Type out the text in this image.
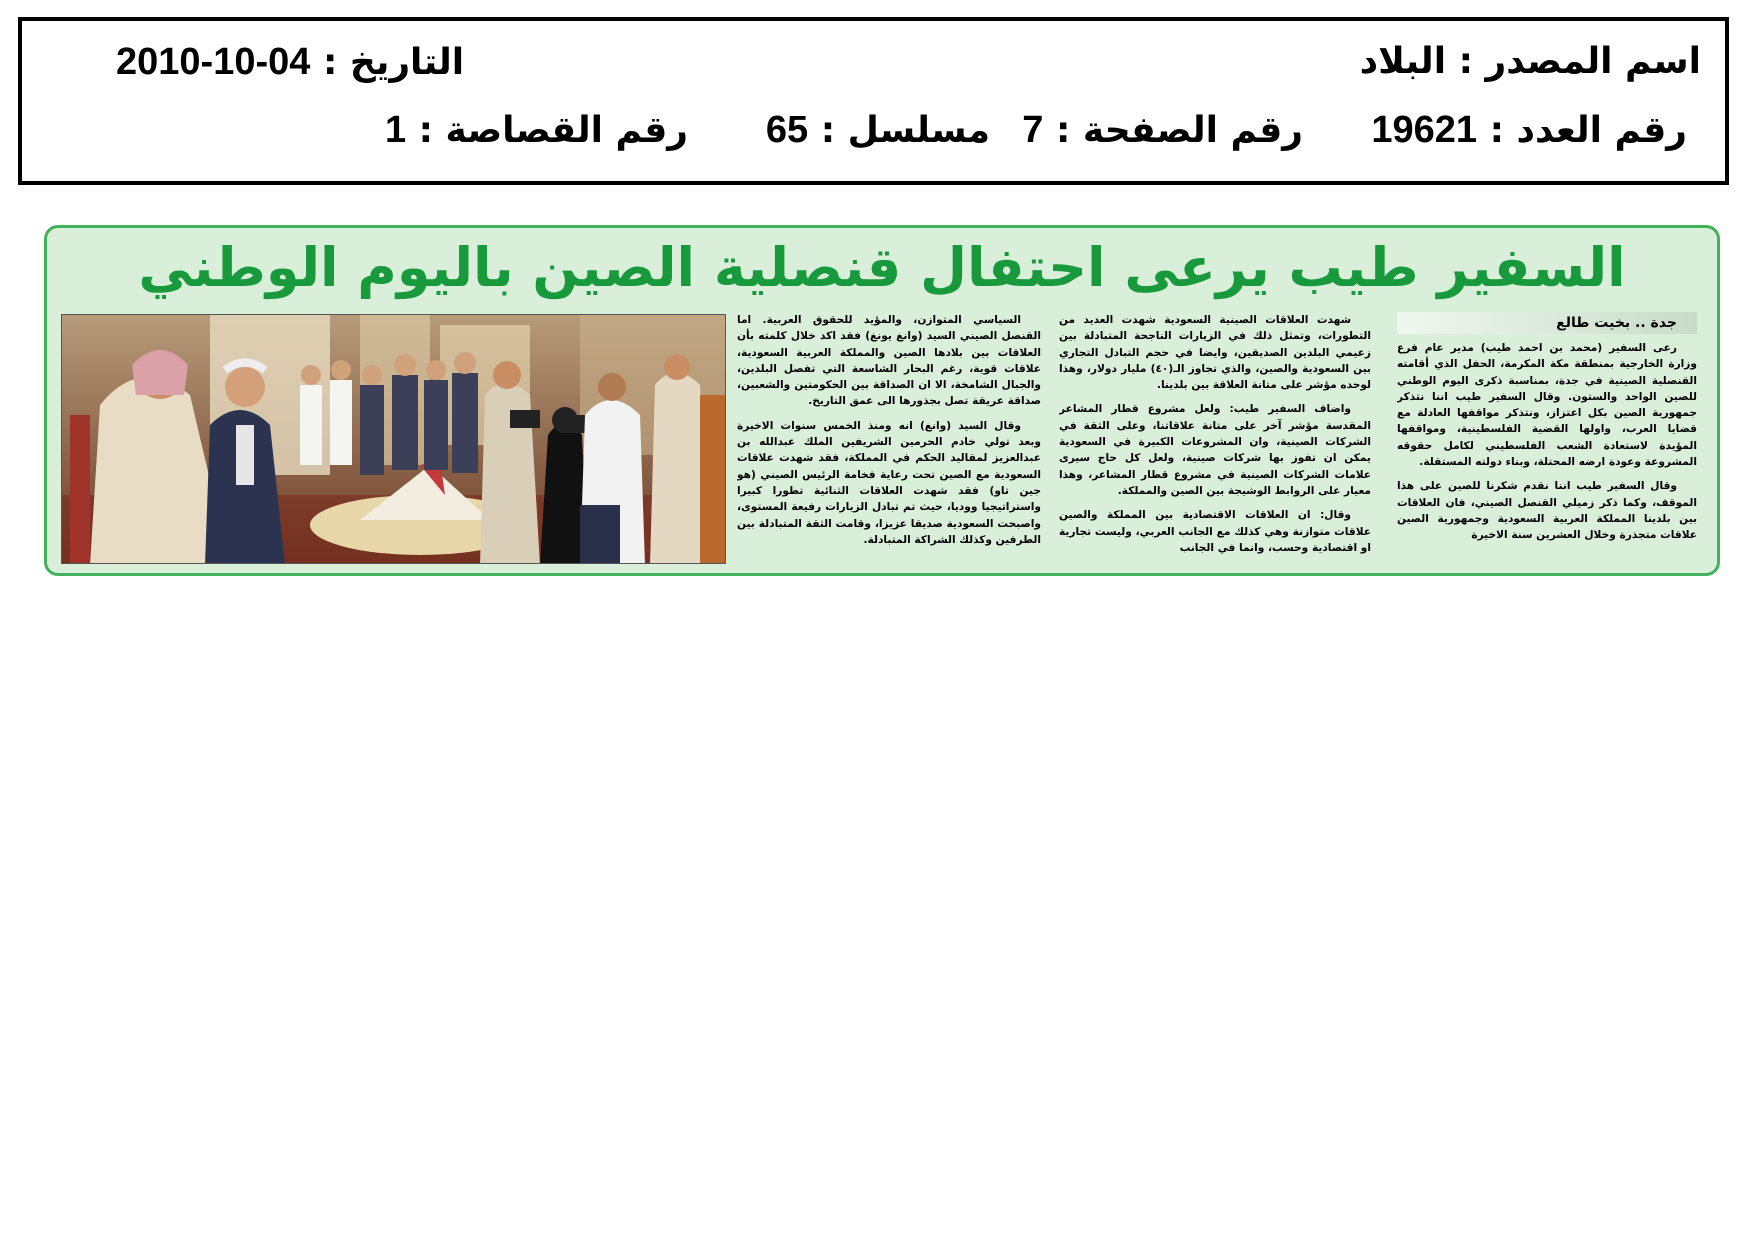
اسم المصدر : البلاد
2010-10-04 التاريخ :
رقم العدد : 19621
رقم الصفحة : 7
مسلسل : 65
رقم القصاصة : 1
السفير طيب يرعى احتفال قنصلية الصين باليوم الوطني
جدة .. بخيت طالع

رعى السفير (محمد بن احمد طيب) مدير عام فرع وزارة الخارجية بمنطقة مكة المكرمة، الحفل الذي أقامته القنصلية الصينية في جدة، بمناسبة ذكرى اليوم الوطني للصين الواحد والستون. وقال السفير طيب اننا نتذكر جمهورية الصين بكل اعتزاز، ونتذكر مواقفها العادلة مع قضايا العرب، واولها القضية الفلسطينية، ومواقفها المؤيدة لاستعادة الشعب الفلسطيني لكامل حقوقه المشروعة وعودة ارضه المحتلة، وبناء دولته المستقلة.

وقال السفير طيب اننا نقدم شكرنا للصين على هذا الموقف، وكما ذكر زميلي القنصل الصيني، فان العلاقات بين بلدينا المملكة العربية السعودية وجمهورية الصين علاقات متجذرة وخلال العشرين سنة الاخيرة

شهدت العلاقات الصينية السعودية شهدت العديد من التطورات، وتمثل ذلك في الزيارات الناجحة المتبادلة بين زعيمي البلدين الصديقين، وايضا في حجم التبادل التجاري بين السعودية والصين، والذي تجاوز الـ(٤٠) مليار دولار، وهذا لوحده مؤشر على متانة العلاقة بين بلدينا.

واضاف السفير طيب: ولعل مشروع قطار المشاعر المقدسة مؤشر آخر على متانة علاقاتنا، وعلى الثقة في الشركات الصينية، وان المشروعات الكبيرة في السعودية يمكن ان تفوز بها شركات صينية، ولعل كل حاج سيرى علامات الشركات الصينية في مشروع قطار المشاعر، وهذا معيار على الروابط الوشيجة بين الصين والمملكة.

وقال: ان العلاقات الاقتصادية بين المملكة والصين علاقات متوازنة وهي كذلك مع الجانب العربي، وليست تجارية او اقتصادية وحسب، وانما في الجانب

السياسي المتوازن، والمؤيد للحقوق العربية. اما القنصل الصيني السيد (وانغ يونغ) فقد اكد خلال كلمته بأن العلاقات بين بلادها الصين والمملكة العربية السعودية، علاقات قوية، رغم البحار الشاسعة التي تفصل البلدين، والجبال الشامخة، الا ان الصداقة بين الحكومتين والشعبين، صداقة عريقة تصل بجذورها الى عمق التاريخ.

وقال السيد (وانغ) انه ومنذ الخمس سنوات الاخيرة وبعد تولي خادم الحرمين الشريفين الملك عبدالله بن عبدالعزيز لمقاليد الحكم في المملكة، فقد شهدت علاقات السعودية مع الصين تحت رعاية فخامة الرئيس الصيني (هو جين تاو) فقد شهدت العلاقات الثنائية تطورا كبيرا واستراتيجيا ووديا، حيث تم تبادل الزيارات رفيعة المستوى، واصبحت السعودية صديقا عزيزا، وقامت الثقة المتبادلة بين الطرفين وكذلك الشراكة المتبادلة.
